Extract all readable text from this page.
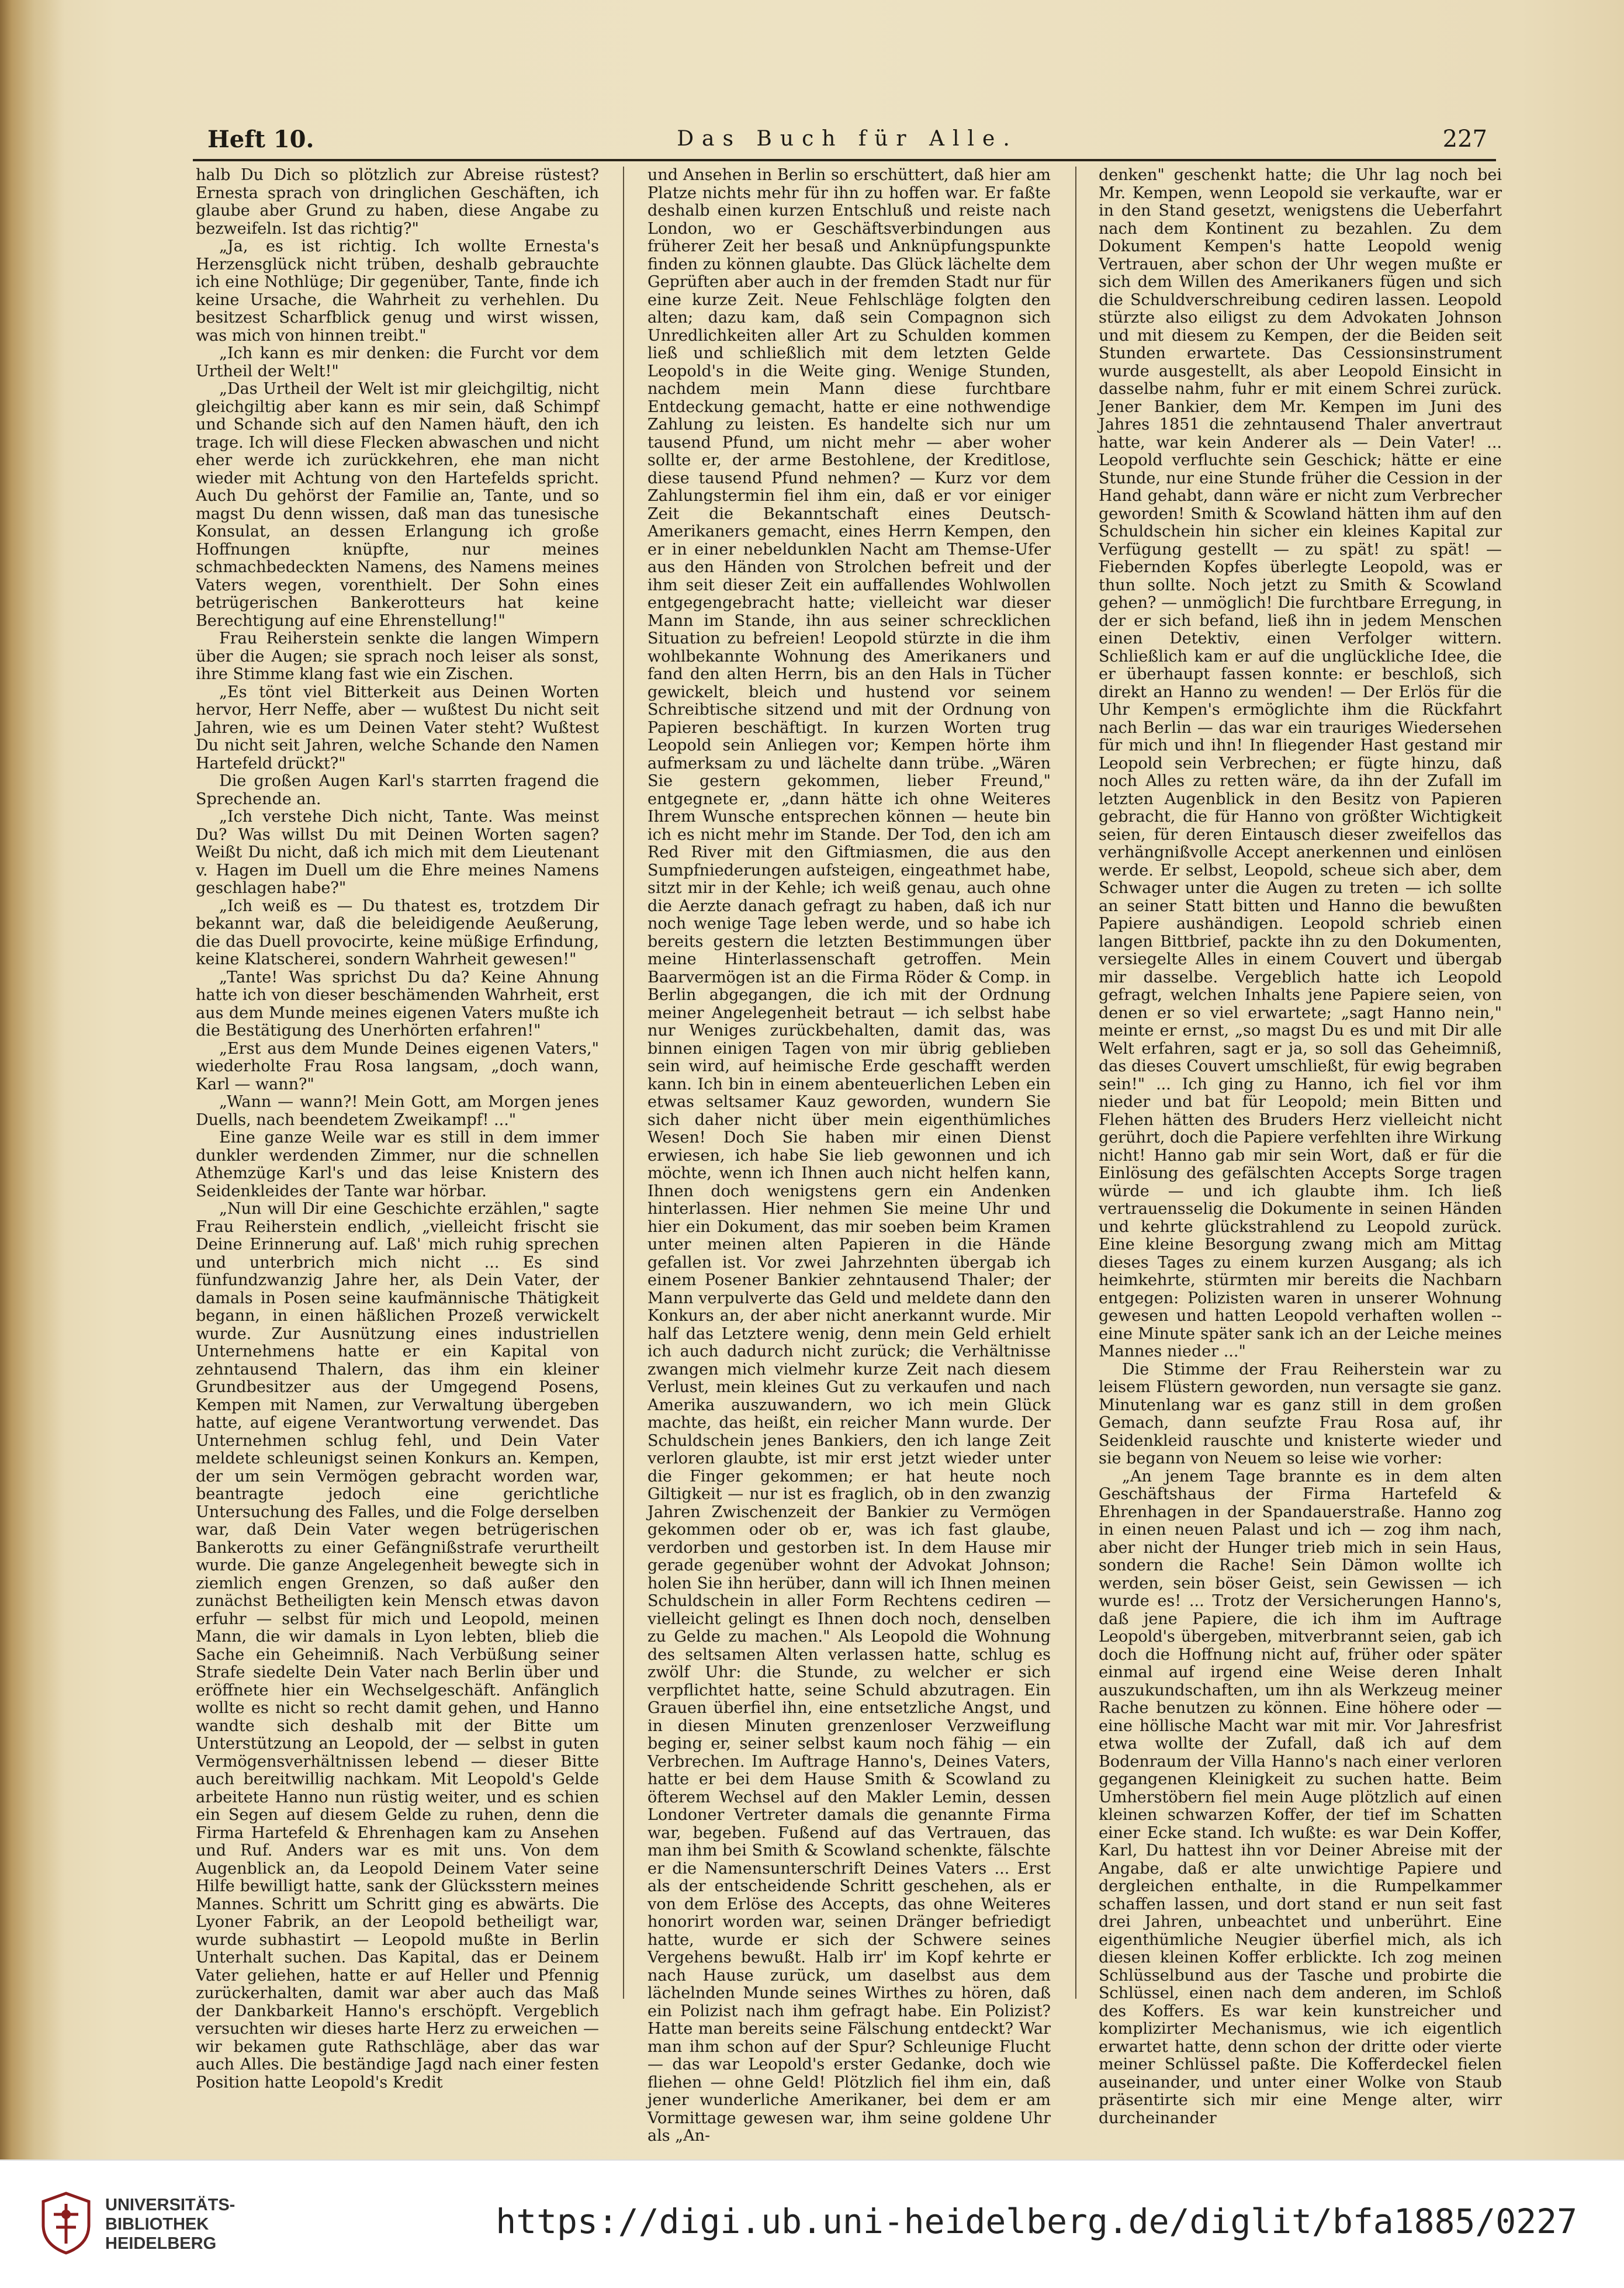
Heft 10.	Das Buch für Alle.	227

halb Du Dich so plötzlich zur Abreise rüstest? Ernesta sprach von dringlichen Geschäften, ich glaube aber Grund zu haben, diese Angabe zu bezweifeln. Ist das richtig?"

„Ja, es ist richtig. Ich wollte Ernesta's Herzensglück nicht trüben, deshalb gebrauchte ich eine Nothlüge; Dir gegenüber, Tante, finde ich keine Ursache, die Wahrheit zu verhehlen. Du besitzest Scharfblick genug und wirst wissen, was mich von hinnen treibt."

„Ich kann es mir denken: die Furcht vor dem Urtheil der Welt!"

„Das Urtheil der Welt ist mir gleichgiltig, nicht gleichgiltig aber kann es mir sein, daß Schimpf und Schande sich auf den Namen häuft, den ich trage. Ich will diese Flecken abwaschen und nicht eher werde ich zurückkehren, ehe man nicht wieder mit Achtung von den Hartefelds spricht. Auch Du gehörst der Familie an, Tante, und so magst Du denn wissen, daß man das tunesische Konsulat, an dessen Erlangung ich große Hoffnungen knüpfte, nur meines schmachbedeckten Namens, des Namens meines Vaters wegen, vorenthielt. Der Sohn eines betrügerischen Bankerotteurs hat keine Berechtigung auf eine Ehrenstellung!"

Frau Reiherstein senkte die langen Wimpern über die Augen; sie sprach noch leiser als sonst, ihre Stimme klang fast wie ein Zischen.

„Es tönt viel Bitterkeit aus Deinen Worten hervor, Herr Neffe, aber — wußtest Du nicht seit Jahren, wie es um Deinen Vater steht? Wußtest Du nicht seit Jahren, welche Schande den Namen Hartefeld drückt?"

Die großen Augen Karl's starrten fragend die Sprechende an.

„Ich verstehe Dich nicht, Tante. Was meinst Du? Was willst Du mit Deinen Worten sagen? Weißt Du nicht, daß ich mich mit dem Lieutenant v. Hagen im Duell um die Ehre meines Namens geschlagen habe?"

„Ich weiß es — Du thatest es, trotzdem Dir bekannt war, daß die beleidigende Aeußerung, die das Duell provocirte, keine müßige Erfindung, keine Klatscherei, sondern Wahrheit gewesen!"

„Tante! Was sprichst Du da? Keine Ahnung hatte ich von dieser beschämenden Wahrheit, erst aus dem Munde meines eigenen Vaters mußte ich die Bestätigung des Unerhörten erfahren!"

„Erst aus dem Munde Deines eigenen Vaters," wiederholte Frau Rosa langsam, „doch wann, Karl — wann?"

„Wann — wann?! Mein Gott, am Morgen jenes Duells, nach beendetem Zweikampf! ..."

Eine ganze Weile war es still in dem immer dunkler werdenden Zimmer, nur die schnellen Athemzüge Karl's und das leise Knistern des Seidenkleides der Tante war hörbar.

„Nun will Dir eine Geschichte erzählen," sagte Frau Reiherstein endlich, „vielleicht frischt sie Deine Erinnerung auf. Laß' mich ruhig sprechen und unterbrich mich nicht ... Es sind fünfundzwanzig Jahre her, als Dein Vater, der damals in Posen seine kaufmännische Thätigkeit begann, in einen häßlichen Prozeß verwickelt wurde. Zur Ausnützung eines industriellen Unternehmens hatte er ein Kapital von zehntausend Thalern, das ihm ein kleiner Grundbesitzer aus der Umgegend Posens, Kempen mit Namen, zur Verwaltung übergeben hatte, auf eigene Verantwortung verwendet. Das Unternehmen schlug fehl, und Dein Vater meldete schleunigst seinen Konkurs an. Kempen, der um sein Vermögen gebracht worden war, beantragte jedoch eine gerichtliche Untersuchung des Falles, und die Folge derselben war, daß Dein Vater wegen betrügerischen Bankerotts zu einer Gefängnißstrafe verurtheilt wurde. Die ganze Angelegenheit bewegte sich in ziemlich engen Grenzen, so daß außer den zunächst Betheiligten kein Mensch etwas davon erfuhr — selbst für mich und Leopold, meinen Mann, die wir damals in Lyon lebten, blieb die Sache ein Geheimniß. Nach Verbüßung seiner Strafe siedelte Dein Vater nach Berlin über und eröffnete hier ein Wechselgeschäft. Anfänglich wollte es nicht so recht damit gehen, und Hanno wandte sich deshalb mit der Bitte um Unterstützung an Leopold, der — selbst in guten Vermögensverhältnissen lebend — dieser Bitte auch bereitwillig nachkam. Mit Leopold's Gelde arbeitete Hanno nun rüstig weiter, und es schien ein Segen auf diesem Gelde zu ruhen, denn die Firma Hartefeld & Ehrenhagen kam zu Ansehen und Ruf. Anders war es mit uns. Von dem Augenblick an, da Leopold Deinem Vater seine Hilfe bewilligt hatte, sank der Glücksstern meines Mannes. Schritt um Schritt ging es abwärts. Die Lyoner Fabrik, an der Leopold betheiligt war, wurde subhastirt — Leopold mußte in Berlin Unterhalt suchen. Das Kapital, das er Deinem Vater geliehen, hatte er auf Heller und Pfennig zurückerhalten, damit war aber auch das Maß der Dankbarkeit Hanno's erschöpft. Vergeblich versuchten wir dieses harte Herz zu erweichen — wir bekamen gute Rathschläge, aber das war auch Alles. Die beständige Jagd nach einer festen Position hatte Leopold's Kredit

und Ansehen in Berlin so erschüttert, daß hier am Platze nichts mehr für ihn zu hoffen war. Er faßte deshalb einen kurzen Entschluß und reiste nach London, wo er Geschäftsverbindungen aus früherer Zeit her besaß und Anknüpfungspunkte finden zu können glaubte. Das Glück lächelte dem Geprüften aber auch in der fremden Stadt nur für eine kurze Zeit. Neue Fehlschläge folgten den alten; dazu kam, daß sein Compagnon sich Unredlichkeiten aller Art zu Schulden kommen ließ und schließlich mit dem letzten Gelde Leopold's in die Weite ging. Wenige Stunden, nachdem mein Mann diese furchtbare Entdeckung gemacht, hatte er eine nothwendige Zahlung zu leisten. Es handelte sich nur um tausend Pfund, um nicht mehr — aber woher sollte er, der arme Bestohlene, der Kreditlose, diese tausend Pfund nehmen? — Kurz vor dem Zahlungstermin fiel ihm ein, daß er vor einiger Zeit die Bekanntschaft eines Deutsch-Amerikaners gemacht, eines Herrn Kempen, den er in einer nebeldunklen Nacht am Themse-Ufer aus den Händen von Strolchen befreit und der ihm seit dieser Zeit ein auffallendes Wohlwollen entgegengebracht hatte; vielleicht war dieser Mann im Stande, ihn aus seiner schrecklichen Situation zu befreien! Leopold stürzte in die ihm wohlbekannte Wohnung des Amerikaners und fand den alten Herrn, bis an den Hals in Tücher gewickelt, bleich und hustend vor seinem Schreibtische sitzend und mit der Ordnung von Papieren beschäftigt. In kurzen Worten trug Leopold sein Anliegen vor; Kempen hörte ihm aufmerksam zu und lächelte dann trübe. „Wären Sie gestern gekommen, lieber Freund," entgegnete er, „dann hätte ich ohne Weiteres Ihrem Wunsche entsprechen können — heute bin ich es nicht mehr im Stande. Der Tod, den ich am Red River mit den Giftmiasmen, die aus den Sumpfniederungen aufsteigen, eingeathmet habe, sitzt mir in der Kehle; ich weiß genau, auch ohne die Aerzte danach gefragt zu haben, daß ich nur noch wenige Tage leben werde, und so habe ich bereits gestern die letzten Bestimmungen über meine Hinterlassenschaft getroffen. Mein Baarvermögen ist an die Firma Röder & Comp. in Berlin abgegangen, die ich mit der Ordnung meiner Angelegenheit betraut — ich selbst habe nur Weniges zurückbehalten, damit das, was binnen einigen Tagen von mir übrig geblieben sein wird, auf heimische Erde geschafft werden kann. Ich bin in einem abenteuerlichen Leben ein etwas seltsamer Kauz geworden, wundern Sie sich daher nicht über mein eigenthümliches Wesen! Doch Sie haben mir einen Dienst erwiesen, ich habe Sie lieb gewonnen und ich möchte, wenn ich Ihnen auch nicht helfen kann, Ihnen doch wenigstens gern ein Andenken hinterlassen. Hier nehmen Sie meine Uhr und hier ein Dokument, das mir soeben beim Kramen unter meinen alten Papieren in die Hände gefallen ist. Vor zwei Jahrzehnten übergab ich einem Posener Bankier zehntausend Thaler; der Mann verpulverte das Geld und meldete dann den Konkurs an, der aber nicht anerkannt wurde. Mir half das Letztere wenig, denn mein Geld erhielt ich auch dadurch nicht zurück; die Verhältnisse zwangen mich vielmehr kurze Zeit nach diesem Verlust, mein kleines Gut zu verkaufen und nach Amerika auszuwandern, wo ich mein Glück machte, das heißt, ein reicher Mann wurde. Der Schuldschein jenes Bankiers, den ich lange Zeit verloren glaubte, ist mir erst jetzt wieder unter die Finger gekommen; er hat heute noch Giltigkeit — nur ist es fraglich, ob in den zwanzig Jahren Zwischenzeit der Bankier zu Vermögen gekommen oder ob er, was ich fast glaube, verdorben und gestorben ist. In dem Hause mir gerade gegenüber wohnt der Advokat Johnson; holen Sie ihn herüber, dann will ich Ihnen meinen Schuldschein in aller Form Rechtens cediren — vielleicht gelingt es Ihnen doch noch, denselben zu Gelde zu machen." Als Leopold die Wohnung des seltsamen Alten verlassen hatte, schlug es zwölf Uhr: die Stunde, zu welcher er sich verpflichtet hatte, seine Schuld abzutragen. Ein Grauen überfiel ihn, eine entsetzliche Angst, und in diesen Minuten grenzenloser Verzweiflung beging er, seiner selbst kaum noch fähig — ein Verbrechen. Im Auftrage Hanno's, Deines Vaters, hatte er bei dem Hause Smith & Scowland zu öfterem Wechsel auf den Makler Lemin, dessen Londoner Vertreter damals die genannte Firma war, begeben. Fußend auf das Vertrauen, das man ihm bei Smith & Scowland schenkte, fälschte er die Namensunterschrift Deines Vaters ... Erst als der entscheidende Schritt geschehen, als er von dem Erlöse des Accepts, das ohne Weiteres honorirt worden war, seinen Dränger befriedigt hatte, wurde er sich der Schwere seines Vergehens bewußt. Halb irr' im Kopf kehrte er nach Hause zurück, um daselbst aus dem lächelnden Munde seines Wirthes zu hören, daß ein Polizist nach ihm gefragt habe. Ein Polizist? Hatte man bereits seine Fälschung entdeckt? War man ihm schon auf der Spur? Schleunige Flucht — das war Leopold's erster Gedanke, doch wie fliehen — ohne Geld! Plötzlich fiel ihm ein, daß jener wunderliche Amerikaner, bei dem er am Vormittage gewesen war, ihm seine goldene Uhr als „An-

denken" geschenkt hatte; die Uhr lag noch bei Mr. Kempen, wenn Leopold sie verkaufte, war er in den Stand gesetzt, wenigstens die Ueberfahrt nach dem Kontinent zu bezahlen. Zu dem Dokument Kempen's hatte Leopold wenig Vertrauen, aber schon der Uhr wegen mußte er sich dem Willen des Amerikaners fügen und sich die Schuldverschreibung cediren lassen. Leopold stürzte also eiligst zu dem Advokaten Johnson und mit diesem zu Kempen, der die Beiden seit Stunden erwartete. Das Cessionsinstrument wurde ausgestellt, als aber Leopold Einsicht in dasselbe nahm, fuhr er mit einem Schrei zurück. Jener Bankier, dem Mr. Kempen im Juni des Jahres 1851 die zehntausend Thaler anvertraut hatte, war kein Anderer als — Dein Vater! ... Leopold verfluchte sein Geschick; hätte er eine Stunde, nur eine Stunde früher die Cession in der Hand gehabt, dann wäre er nicht zum Verbrecher geworden! Smith & Scowland hätten ihm auf den Schuldschein hin sicher ein kleines Kapital zur Verfügung gestellt — zu spät! zu spät! — Fiebernden Kopfes überlegte Leopold, was er thun sollte. Noch jetzt zu Smith & Scowland gehen? — unmöglich! Die furchtbare Erregung, in der er sich befand, ließ ihn in jedem Menschen einen Detektiv, einen Verfolger wittern. Schließlich kam er auf die unglückliche Idee, die er überhaupt fassen konnte: er beschloß, sich direkt an Hanno zu wenden! — Der Erlös für die Uhr Kempen's ermöglichte ihm die Rückfahrt nach Berlin — das war ein trauriges Wiedersehen für mich und ihn! In fliegender Hast gestand mir Leopold sein Verbrechen; er fügte hinzu, daß noch Alles zu retten wäre, da ihn der Zufall im letzten Augenblick in den Besitz von Papieren gebracht, die für Hanno von größter Wichtigkeit seien, für deren Eintausch dieser zweifellos das verhängnißvolle Accept anerkennen und einlösen werde. Er selbst, Leopold, scheue sich aber, dem Schwager unter die Augen zu treten — ich sollte an seiner Statt bitten und Hanno die bewußten Papiere aushändigen. Leopold schrieb einen langen Bittbrief, packte ihn zu den Dokumenten, versiegelte Alles in einem Couvert und übergab mir dasselbe. Vergeblich hatte ich Leopold gefragt, welchen Inhalts jene Papiere seien, von denen er so viel erwartete; „sagt Hanno nein," meinte er ernst, „so magst Du es und mit Dir alle Welt erfahren, sagt er ja, so soll das Geheimniß, das dieses Couvert umschließt, für ewig begraben sein!" ... Ich ging zu Hanno, ich fiel vor ihm nieder und bat für Leopold; mein Bitten und Flehen hätten des Bruders Herz vielleicht nicht gerührt, doch die Papiere verfehlten ihre Wirkung nicht! Hanno gab mir sein Wort, daß er für die Einlösung des gefälschten Accepts Sorge tragen würde — und ich glaubte ihm. Ich ließ vertrauensselig die Dokumente in seinen Händen und kehrte glückstrahlend zu Leopold zurück. Eine kleine Besorgung zwang mich am Mittag dieses Tages zu einem kurzen Ausgang; als ich heimkehrte, stürmten mir bereits die Nachbarn entgegen: Polizisten waren in unserer Wohnung gewesen und hatten Leopold verhaften wollen -- eine Minute später sank ich an der Leiche meines Mannes nieder ..."

Die Stimme der Frau Reiherstein war zu leisem Flüstern geworden, nun versagte sie ganz. Minutenlang war es ganz still in dem großen Gemach, dann seufzte Frau Rosa auf, ihr Seidenkleid rauschte und knisterte wieder und sie begann von Neuem so leise wie vorher:

„An jenem Tage brannte es in dem alten Geschäftshaus der Firma Hartefeld & Ehrenhagen in der Spandauerstraße. Hanno zog in einen neuen Palast und ich — zog ihm nach, aber nicht der Hunger trieb mich in sein Haus, sondern die Rache! Sein Dämon wollte ich werden, sein böser Geist, sein Gewissen — ich wurde es! ... Trotz der Versicherungen Hanno's, daß jene Papiere, die ich ihm im Auftrage Leopold's übergeben, mitverbrannt seien, gab ich doch die Hoffnung nicht auf, früher oder später einmal auf irgend eine Weise deren Inhalt auszukundschaften, um ihn als Werkzeug meiner Rache benutzen zu können. Eine höhere oder — eine höllische Macht war mit mir. Vor Jahresfrist etwa wollte der Zufall, daß ich auf dem Bodenraum der Villa Hanno's nach einer verloren gegangenen Kleinigkeit zu suchen hatte. Beim Umherstöbern fiel mein Auge plötzlich auf einen kleinen schwarzen Koffer, der tief im Schatten einer Ecke stand. Ich wußte: es war Dein Koffer, Karl, Du hattest ihn vor Deiner Abreise mit der Angabe, daß er alte unwichtige Papiere und dergleichen enthalte, in die Rumpelkammer schaffen lassen, und dort stand er nun seit fast drei Jahren, unbeachtet und unberührt. Eine eigenthümliche Neugier überfiel mich, als ich diesen kleinen Koffer erblickte. Ich zog meinen Schlüsselbund aus der Tasche und probirte die Schlüssel, einen nach dem anderen, im Schloß des Koffers. Es war kein kunstreicher und komplizirter Mechanismus, wie ich eigentlich erwartet hatte, denn schon der dritte oder vierte meiner Schlüssel paßte. Die Kofferdeckel fielen auseinander, und unter einer Wolke von Staub präsentirte sich mir eine Menge alter, wirr durcheinander

UNIVERSITÄTS-
BIBLIOTHEK
HEIDELBERG
https://digi.ub.uni-heidelberg.de/diglit/bfa1885/0227
